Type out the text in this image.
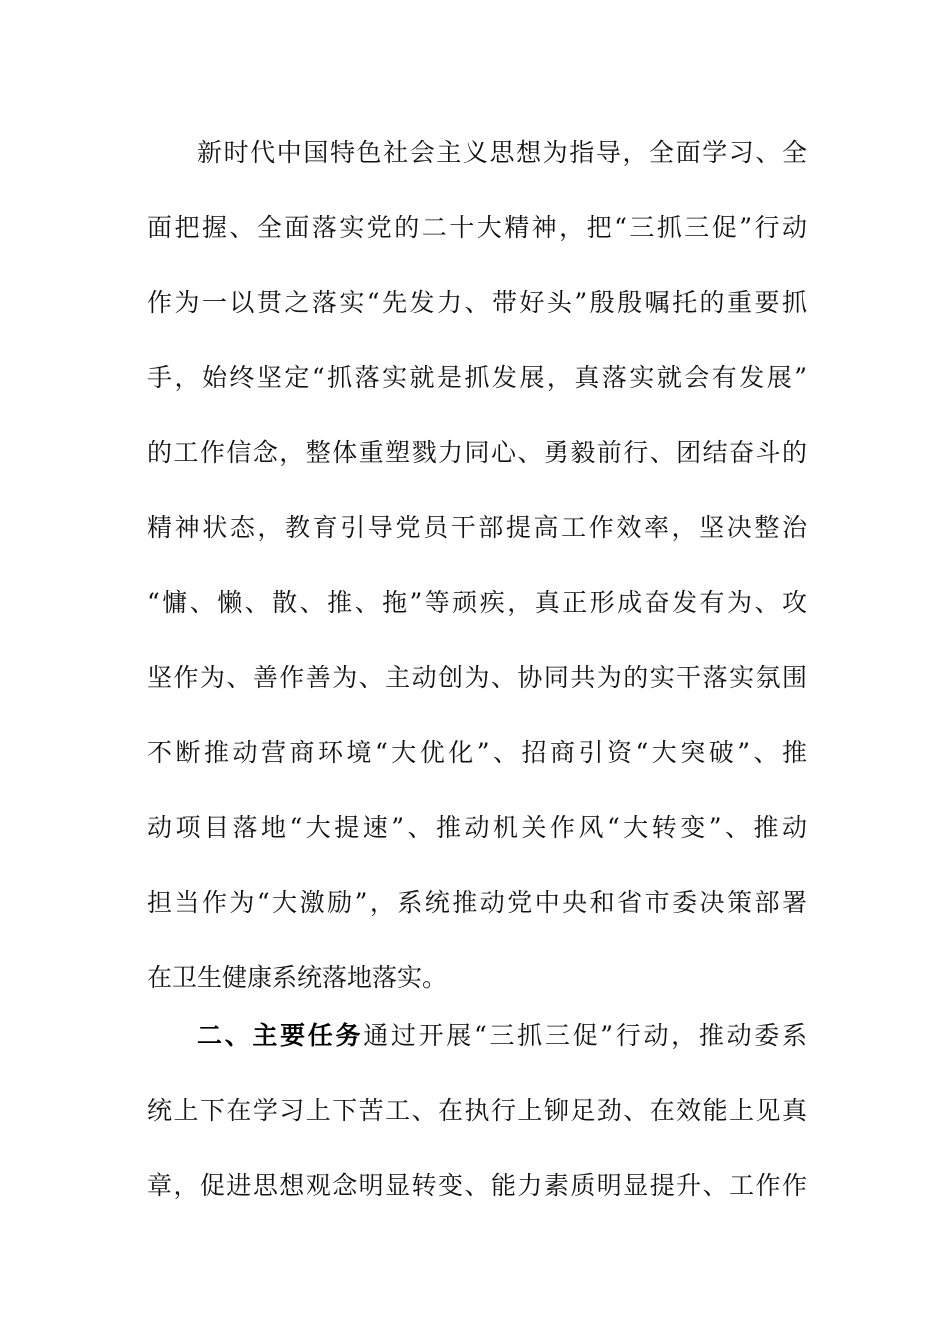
新时代中国特色社会主义思想为指导，全面学习、全
面把握、全面落实党的二十大精神，把“三抓三促”行动
作为一以贯之落实“先发力、带好头”殷殷嘱托的重要抓
手，始终坚定“抓落实就是抓发展，真落实就会有发展”
的工作信念，整体重塑戮力同心、勇毅前行、团结奋斗的
精神状态，教育引导党员干部提高工作效率，坚决整治
“慵、懒、散、推、拖”等顽疾，真正形成奋发有为、攻
坚作为、善作善为、主动创为、协同共为的实干落实氛围
不断推动营商环境“大优化”、招商引资“大突破”、推
动项目落地“大提速”、推动机关作风“大转变”、推动
担当作为“大激励”，系统推动党中央和省市委决策部署
在卫生健康系统落地落实。
二、主要任务通过开展“三抓三促”行动，推动委系
统上下在学习上下苦工、在执行上铆足劲、在效能上见真
章，促进思想观念明显转变、能力素质明显提升、工作作
